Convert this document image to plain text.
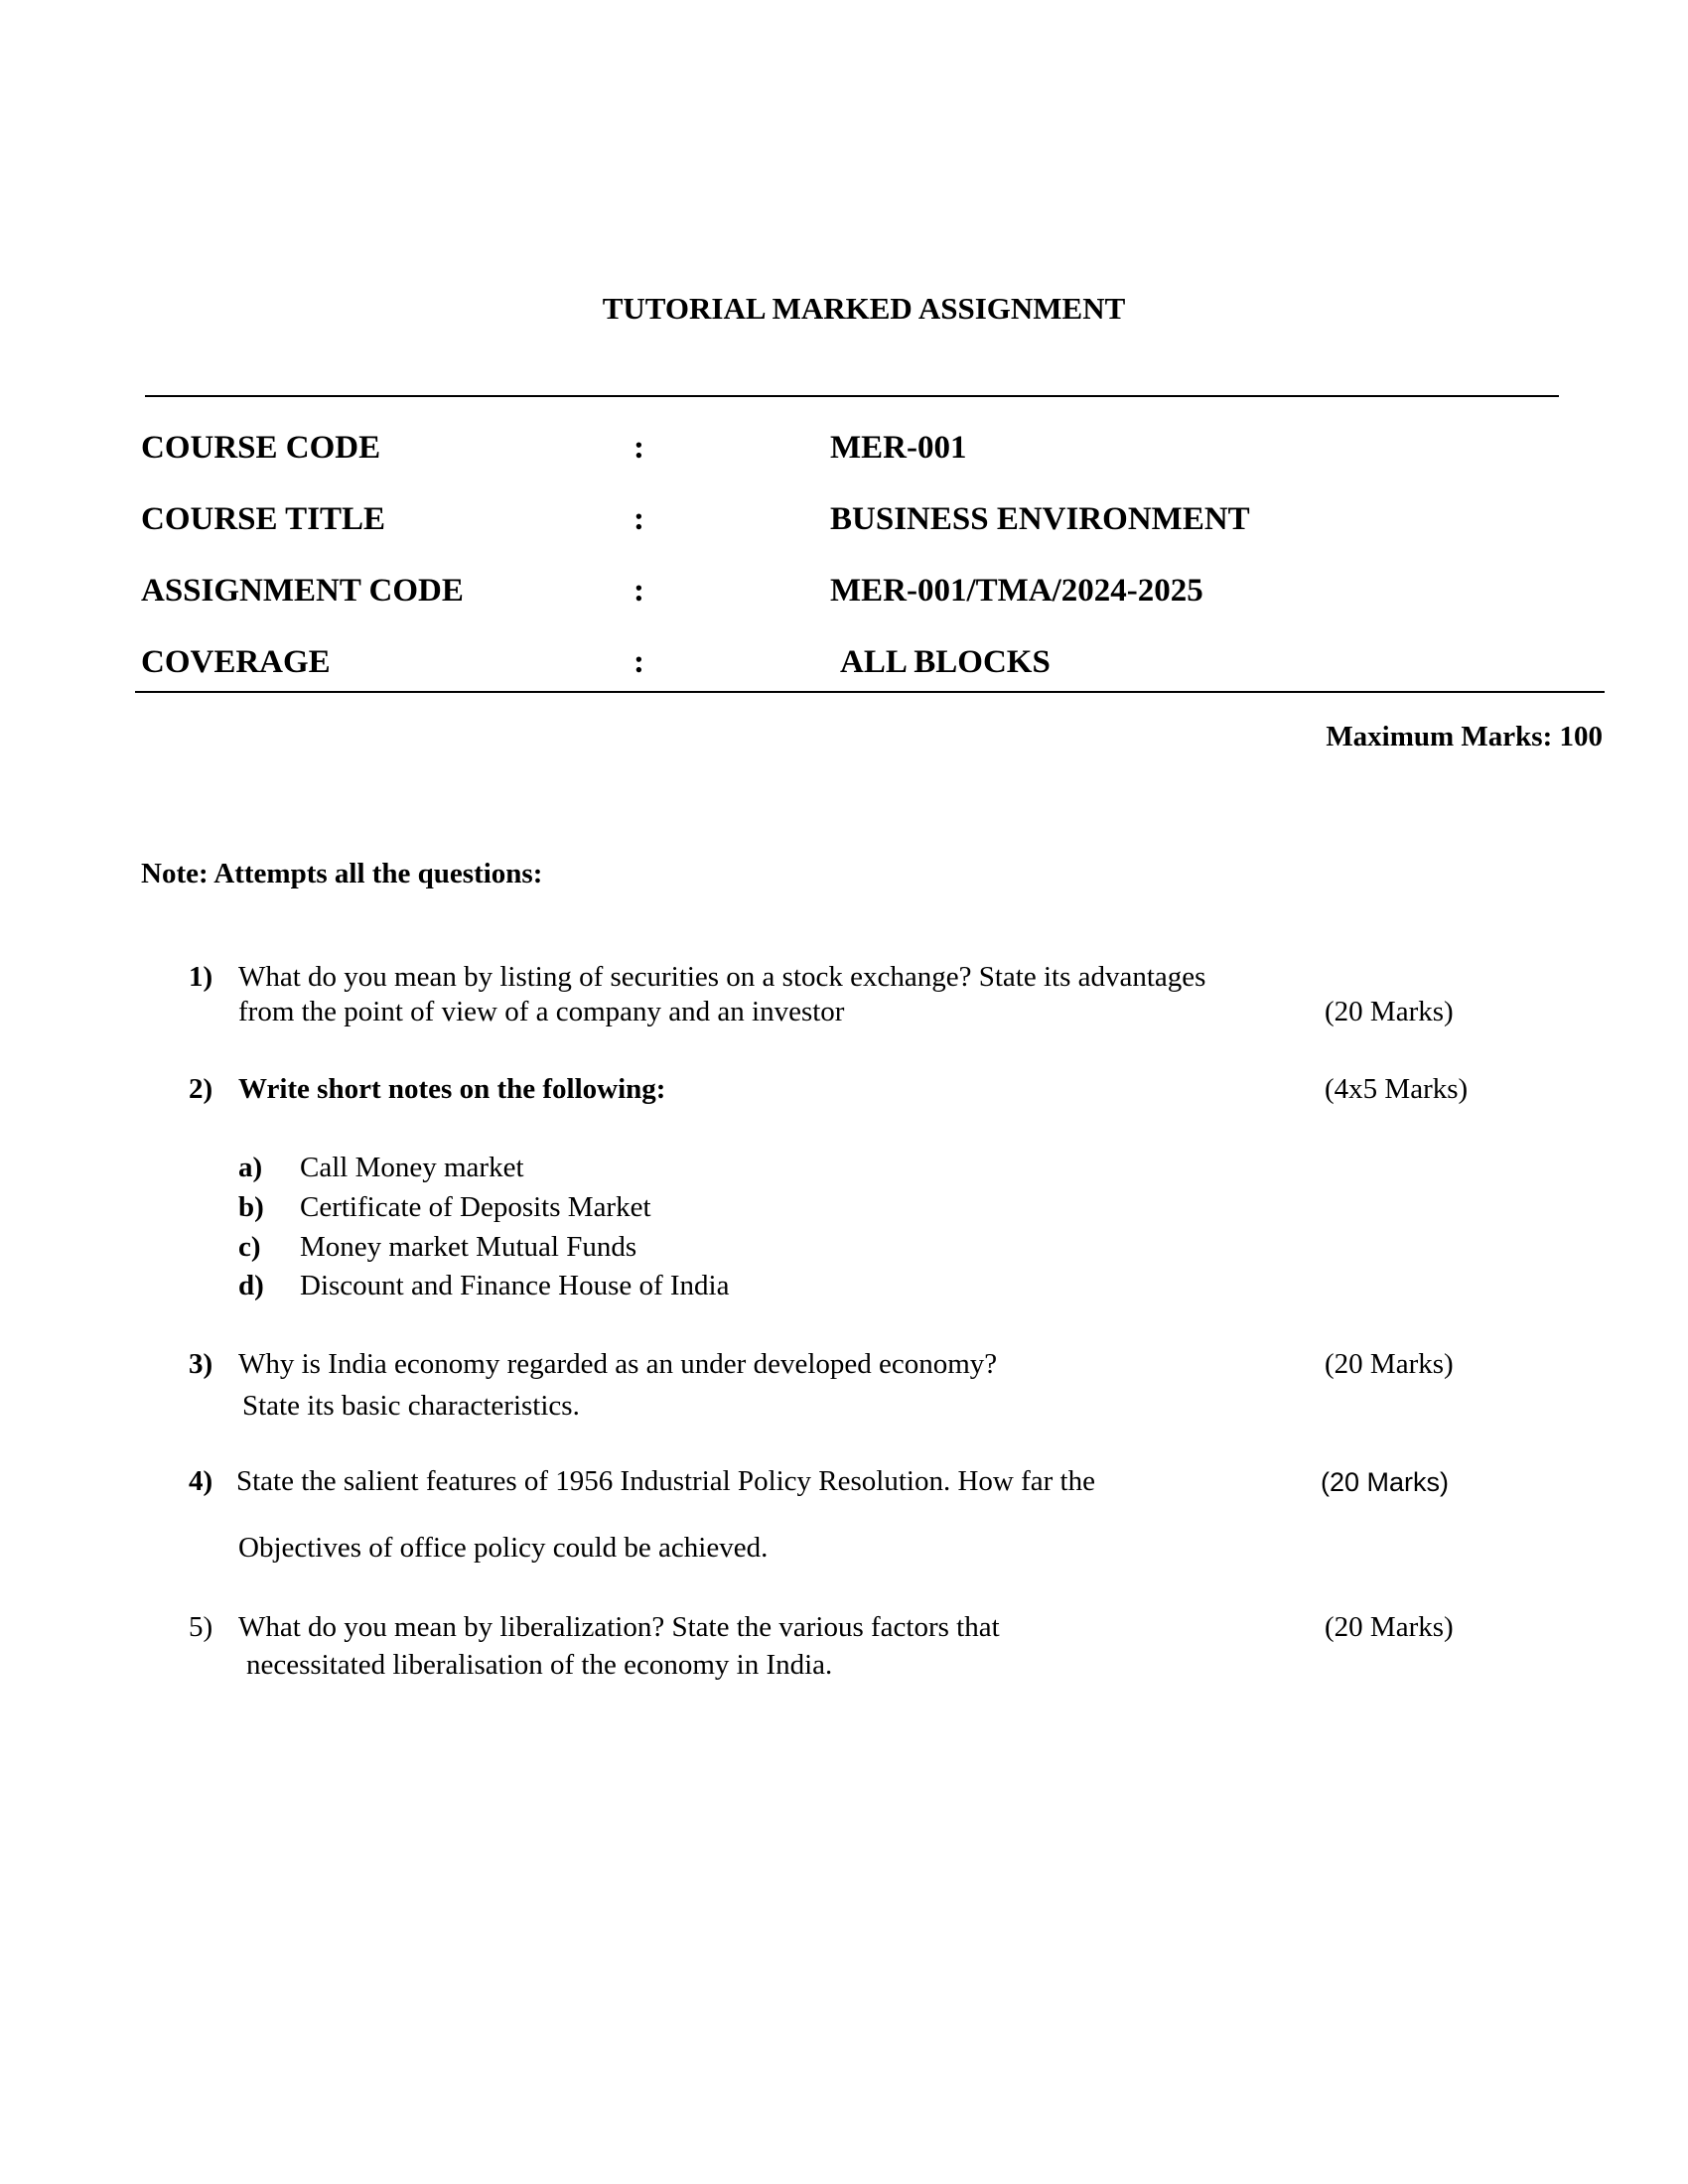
TUTORIAL MARKED ASSIGNMENT
COURSE CODE	:	MER-001
COURSE TITLE	:	BUSINESS ENVIRONMENT
ASSIGNMENT CODE	:	MER-001/TMA/2024-2025
COVERAGE	:	ALL BLOCKS
Maximum Marks: 100
Note: Attempts all the questions:
1) What do you mean by listing of securities on a stock exchange? State its advantages
from the point of view of a company and an investor	(20 Marks)
2) Write short notes on the following:	(4x5 Marks)
a) Call Money market
b) Certificate of Deposits Market
c) Money market Mutual Funds
d) Discount and Finance House of India
3) Why is India economy regarded as an under developed economy?	(20 Marks)
State its basic characteristics.
4) State the salient features of 1956 Industrial Policy Resolution. How far the	(20 Marks)
Objectives of office policy could be achieved.
5) What do you mean by liberalization? State the various factors that	(20 Marks)
necessitated liberalisation of the economy in India.
